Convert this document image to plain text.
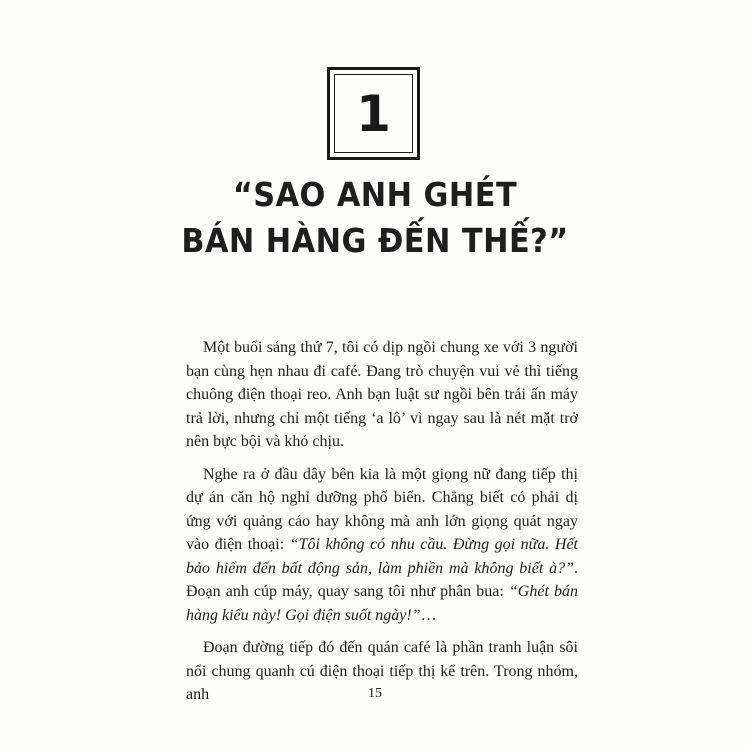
1
“SAO ANH GHÉT
BÁN HÀNG ĐẾN THẾ?”

Một buổi sáng thứ 7, tôi có dịp ngồi chung xe với 3 người bạn cùng hẹn nhau đi café. Đang trò chuyện vui vẻ thì tiếng chuông điện thoại reo. Anh bạn luật sư ngồi bên trái ấn máy trả lời, nhưng chỉ một tiếng ‘a lô’ vì ngay sau là nét mặt trở nên bực bội và khó chịu.

Nghe ra ở đầu dây bên kia là một giọng nữ đang tiếp thị dự án căn hộ nghỉ dưỡng phố biển. Chẳng biết có phải dị ứng với quảng cáo hay không mà anh lớn giọng quát ngay vào điện thoại: “Tôi không có nhu cầu. Đừng gọi nữa. Hết bảo hiểm đến bất động sản, làm phiền mà không biết à?”. Đoạn anh cúp máy, quay sang tôi như phân bua: “Ghét bán hàng kiểu này! Gọi điện suốt ngày!”…

Đoạn đường tiếp đó đến quán café là phần tranh luận sôi nổi chung quanh cú điện thoại tiếp thị kể trên. Trong nhóm, anh	15
